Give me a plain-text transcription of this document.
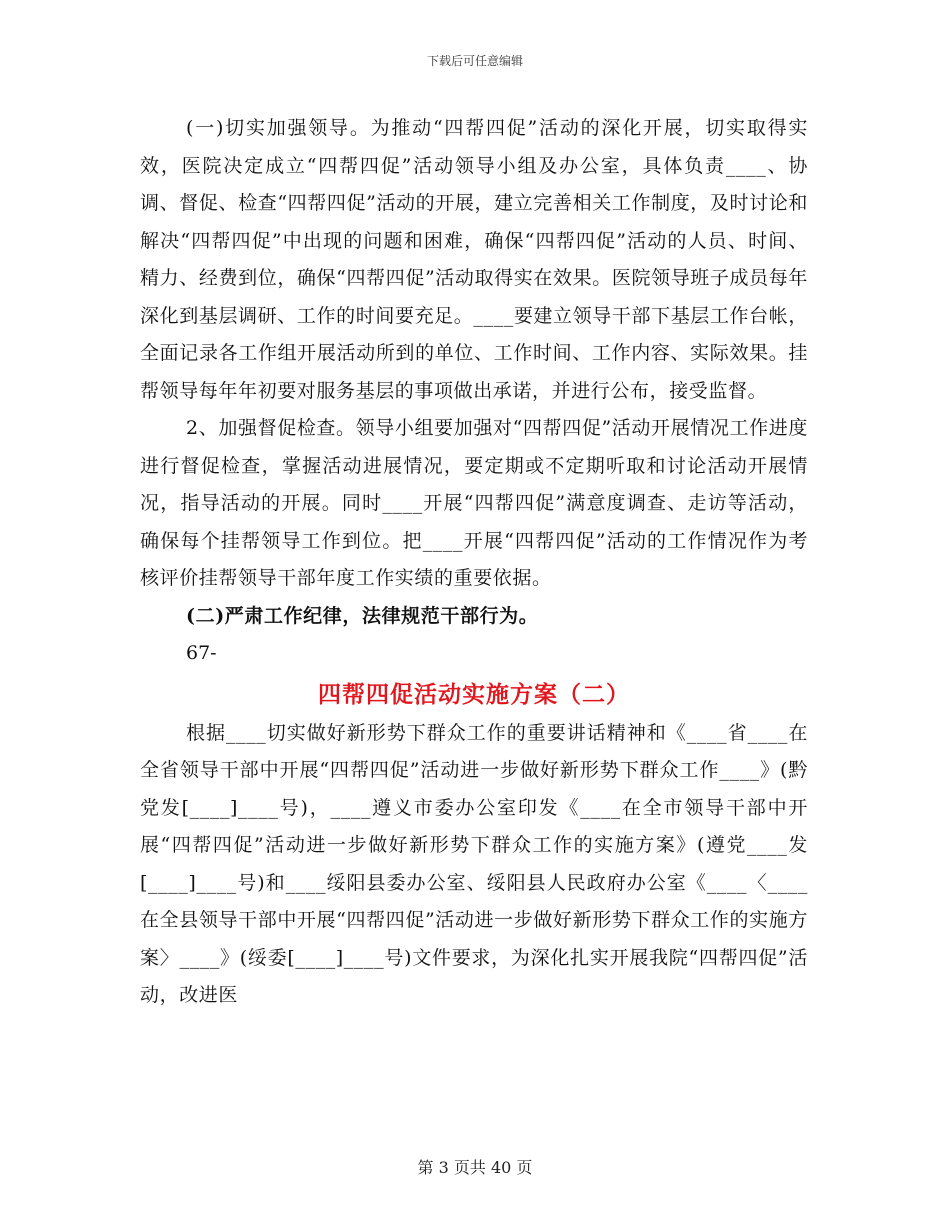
下载后可任意编辑

(一)切实加强领导。为推动“四帮四促”活动的深化开展，切实取得实效，医院决定成立“四帮四促”活动领导小组及办公室，具体负责____、协调、督促、检查“四帮四促”活动的开展，建立完善相关工作制度，及时讨论和解决“四帮四促”中出现的问题和困难，确保“四帮四促”活动的人员、时间、精力、经费到位，确保“四帮四促”活动取得实在效果。医院领导班子成员每年深化到基层调研、工作的时间要充足。____要建立领导干部下基层工作台帐，全面记录各工作组开展活动所到的单位、工作时间、工作内容、实际效果。挂帮领导每年年初要对服务基层的事项做出承诺，并进行公布，接受监督。

2、加强督促检查。领导小组要加强对“四帮四促”活动开展情况工作进度进行督促检查，掌握活动进展情况，要定期或不定期听取和讨论活动开展情况，指导活动的开展。同时____开展“四帮四促”满意度调查、走访等活动，确保每个挂帮领导工作到位。把____开展“四帮四促”活动的工作情况作为考核评价挂帮领导干部年度工作实绩的重要依据。

(二)严肃工作纪律，法律规范干部行为。

67-

四帮四促活动实施方案（二）

根据____切实做好新形势下群众工作的重要讲话精神和《____省____在全省领导干部中开展“四帮四促”活动进一步做好新形势下群众工作____》(黔党发[____]____号)，____遵义市委办公室印发《____在全市领导干部中开展“四帮四促”活动进一步做好新形势下群众工作的实施方案》(遵党____发[____]____号)和____绥阳县委办公室、绥阳县人民政府办公室《____〈____在全县领导干部中开展“四帮四促”活动进一步做好新形势下群众工作的实施方案〉____》(绥委[____]____号)文件要求，为深化扎实开展我院“四帮四促”活动，改进医

第 3 页共 40 页
